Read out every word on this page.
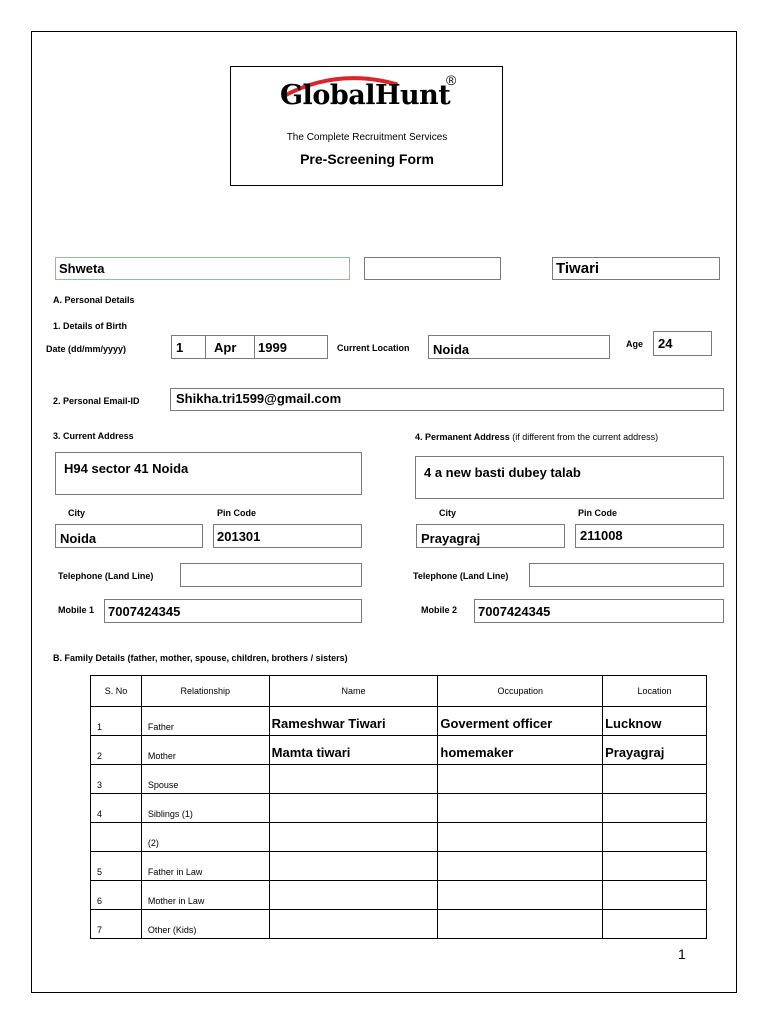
GlobalHunt
®
The Complete Recruitment Services
Pre-Screening Form
Shweta	Tiwari
A. Personal Details
1. Details of Birth
Date (dd/mm/yyyy)	1 Apr 1999	Current Location Noida	Age 24
2. Personal Email-ID	Shikha.tri1599@gmail.com
3. Current Address
H94 sector 41 Noida
City	Pin Code
Noida	201301
Telephone (Land Line)
Mobile 1 7007424345
4. Permanent Address (if different from the current address)
4 a new basti dubey talab
City	Pin Code
Prayagraj	211008
Telephone (Land Line)
Mobile 2 7007424345
B. Family Details (father, mother, spouse, children, brothers / sisters)
S. No	Relationship	Name	Occupation	Location
1	Father	Rameshwar Tiwari	Goverment officer	Lucknow
2	Mother	Mamta tiwari	homemaker	Prayagraj
3	Spouse			
4	Siblings (1)			
	(2)			
5	Father in Law			
6	Mother in Law			
7	Other (Kids)			
1
